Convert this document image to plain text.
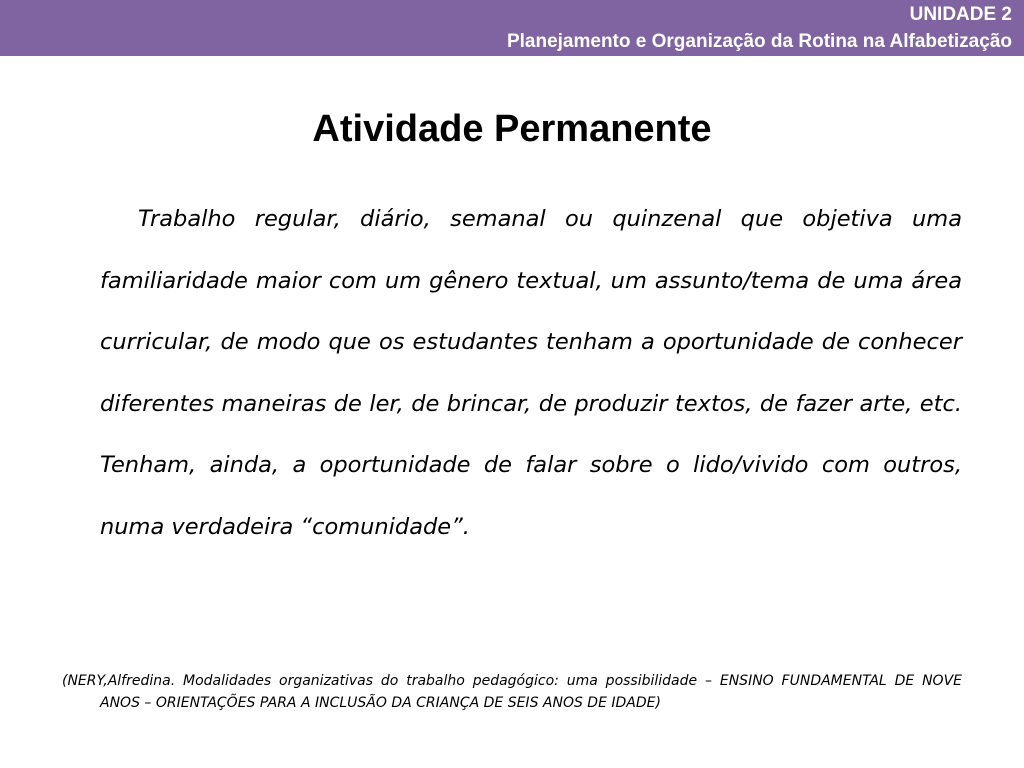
UNIDADE 2
Planejamento e Organização da Rotina na Alfabetização
Atividade Permanente

Trabalho regular, diário, semanal ou quinzenal que objetiva uma familiaridade maior com um gênero textual, um assunto/tema de uma área curricular, de modo que os estudantes tenham a oportunidade de conhecer diferentes maneiras de ler, de brincar, de produzir textos, de fazer arte, etc. Tenham, ainda, a oportunidade de falar sobre o lido/vivido com outros, numa verdadeira “comunidade”.

(NERY,Alfredina. Modalidades organizativas do trabalho pedagógico: uma possibilidade – ENSINO FUNDAMENTAL DE NOVE ANOS – ORIENTAÇÕES PARA A INCLUSÃO DA CRIANÇA DE SEIS ANOS DE IDADE)
